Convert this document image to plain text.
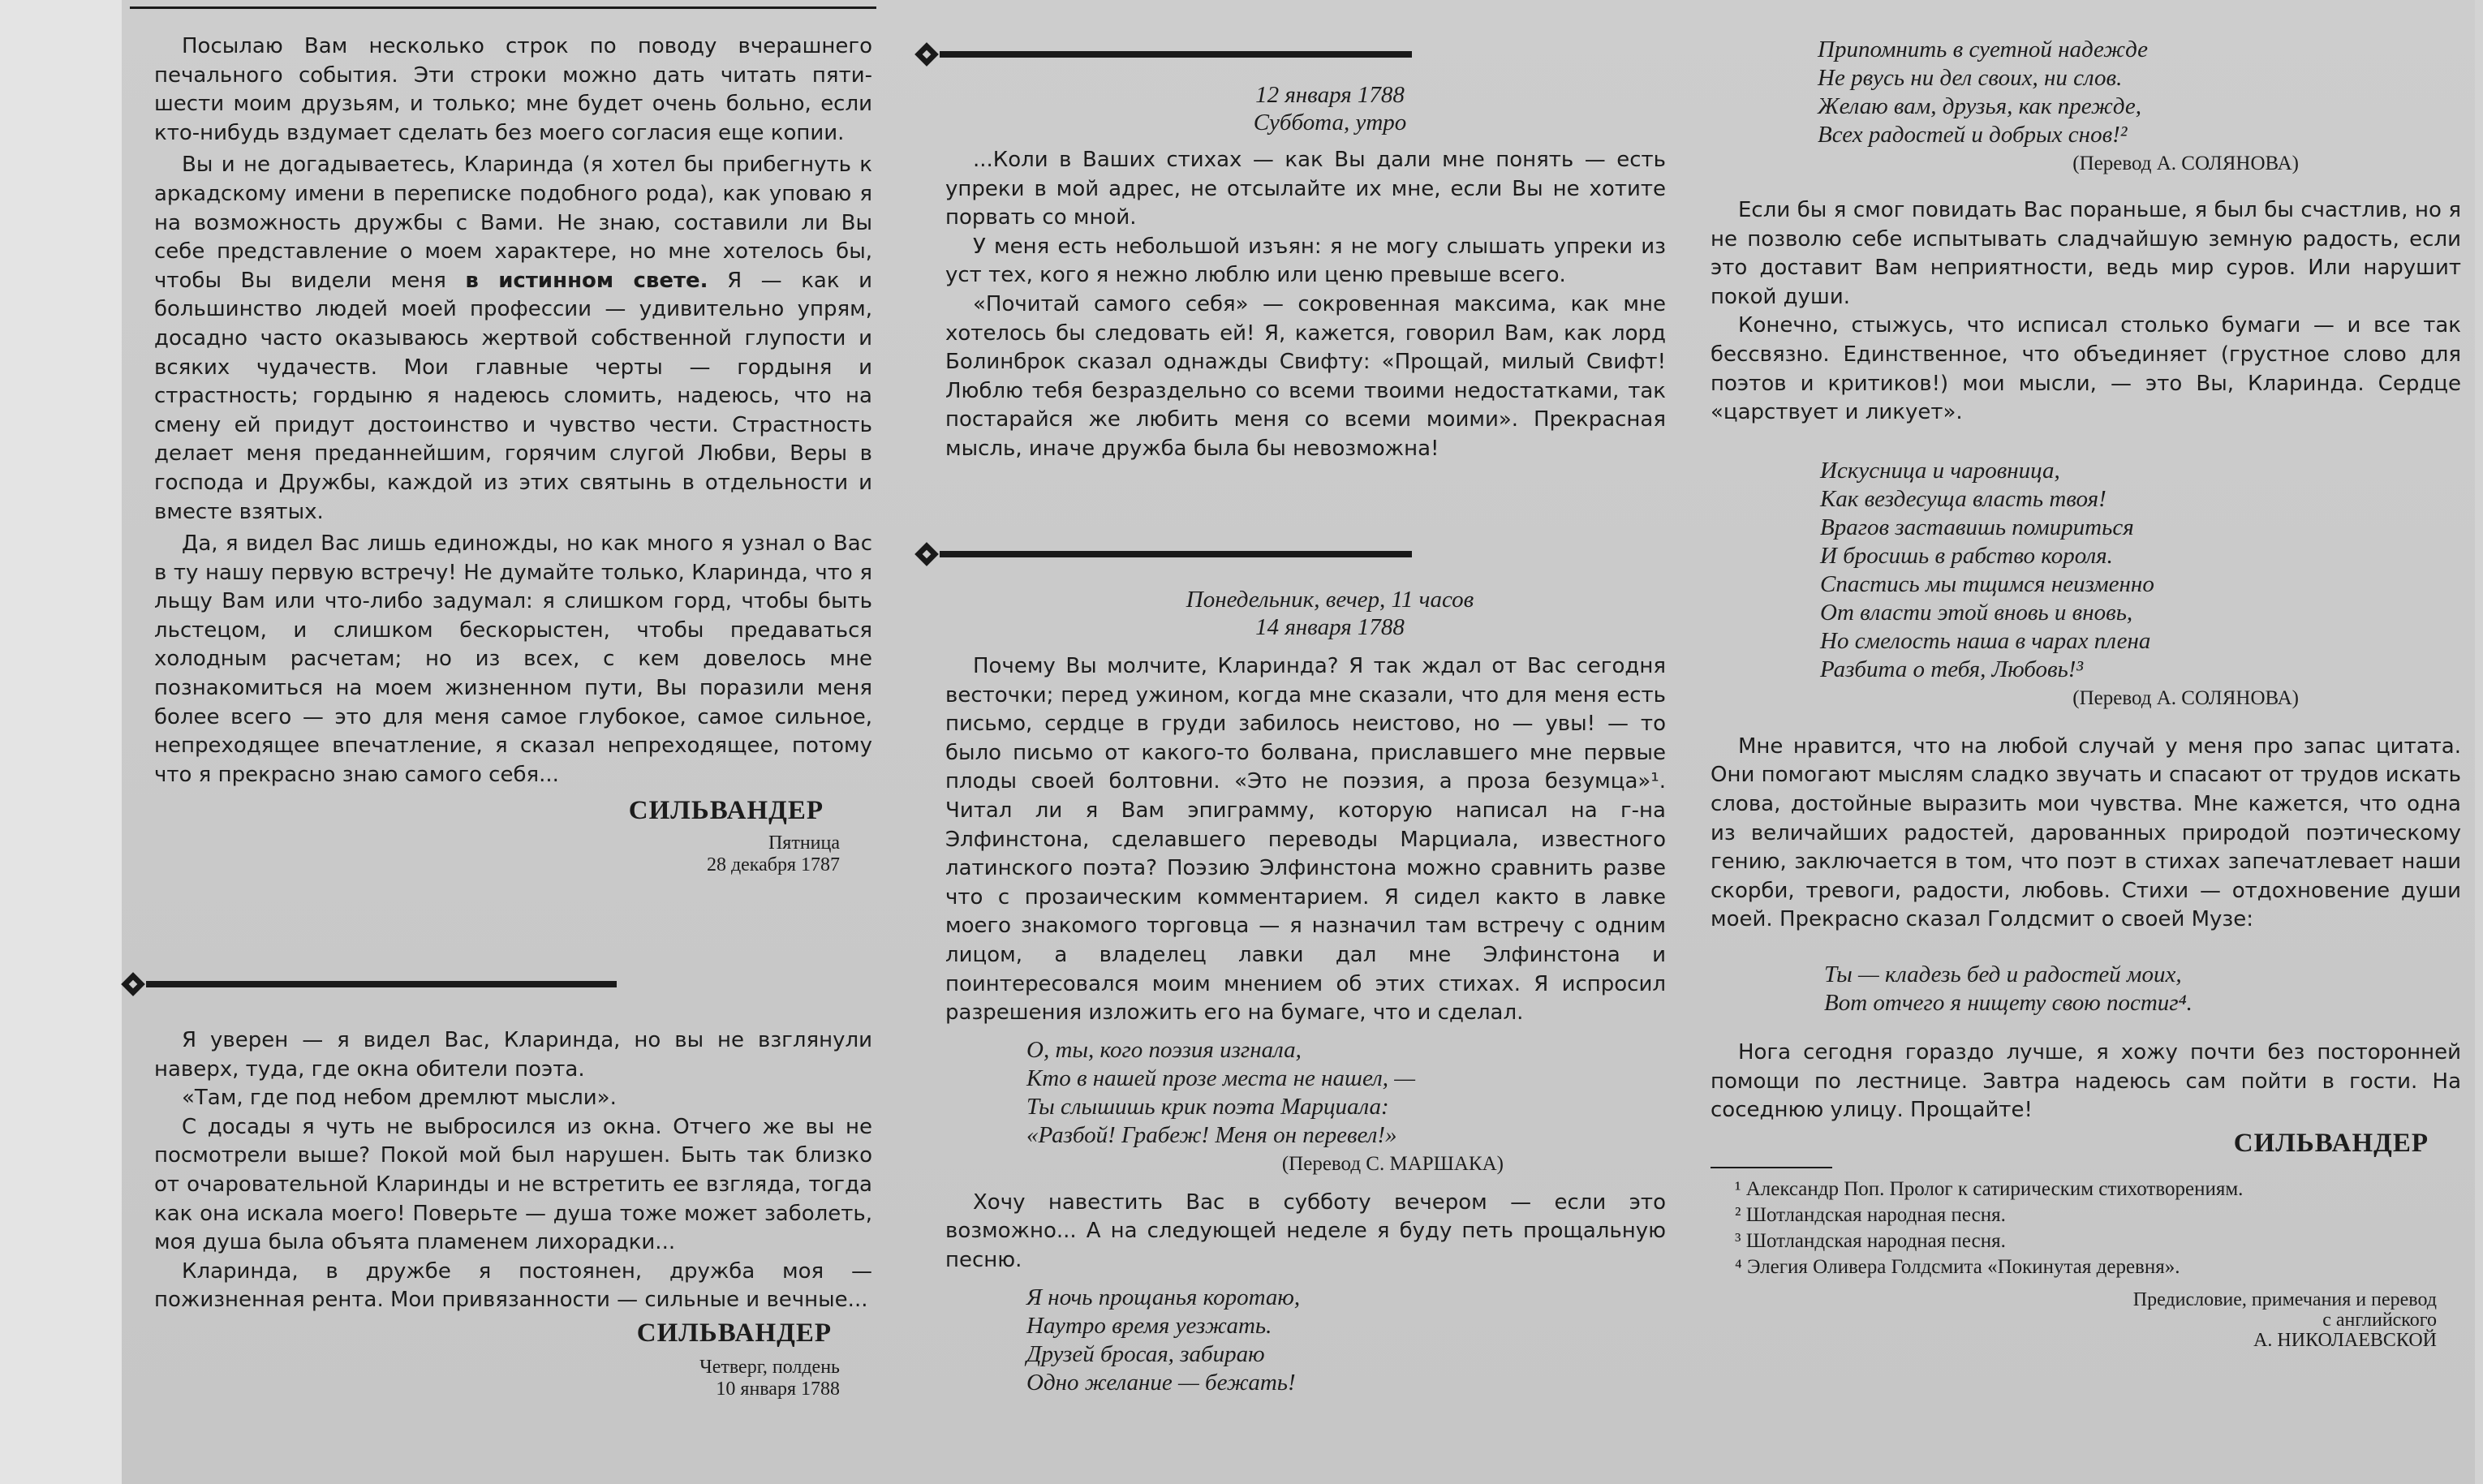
Посылаю Вам несколько строк по поводу вчерашнего печального события. Эти строки можно дать читать пяти-шести моим друзьям, и только; мне будет очень больно, если кто-нибудь вздумает сделать без моего согласия еще копии.

Вы и не догадываетесь, Кларинда (я хотел бы прибегнуть к аркадскому имени в переписке подобного рода), как уповаю я на возможность дружбы с Вами. Не знаю, составили ли Вы себе представление о моем характере, но мне хотелось бы, чтобы Вы видели меня в истинном свете. Я — как и большинство людей моей профессии — удивительно упрям, досадно часто оказываюсь жертвой собственной глупости и всяких чудачеств. Мои главные черты — гордыня и страстность; гордыню я надеюсь сломить, надеюсь, что на смену ей придут достоинство и чувство чести. Страстность делает меня преданнейшим, горячим слугой Любви, Веры в господа и Дружбы, каждой из этих святынь в отдельности и вместе взятых.

Да, я видел Вас лишь единожды, но как много я узнал о Вас в ту нашу первую встречу! Не думайте только, Кларинда, что я льщу Вам или что-либо задумал: я слишком горд, чтобы быть льстецом, и слишком бескорыстен, чтобы предаваться холодным расчетам; но из всех, с кем довелось мне познакомиться на моем жизненном пути, Вы поразили меня более всего — это для меня самое глубокое, самое сильное, непреходящее впечатление, я сказал непреходящее, потому что я прекрасно знаю самого себя...

СИЛЬВАНДЕР
Пятница
28 декабря 1787

Я уверен — я видел Вас, Кларинда, но вы не взглянули наверх, туда, где окна обители поэта.

«Там, где под небом дремлют мысли».

С досады я чуть не выбросился из окна. Отчего же вы не посмотрели выше? Покой мой был нарушен. Быть так близко от очаровательной Кларинды и не встретить ее взгляда, тогда как она искала моего! Поверьте — душа тоже может заболеть, моя душа была объята пламенем лихорадки...

Кларинда, в дружбе я постоянен, дружба моя — пожизненная рента. Мои привязанности — сильные и вечные...

СИЛЬВАНДЕР
Четверг, полдень
10 января 1788
12 января 1788
Суббота, утро

...Коли в Ваших стихах — как Вы дали мне понять — есть упреки в мой адрес, не отсылайте их мне, если Вы не хотите порвать со мной.

У меня есть небольшой изъян: я не могу слышать упреки из уст тех, кого я нежно люблю или ценю превыше всего.

«Почитай самого себя» — сокровенная максима, как мне хотелось бы следовать ей! Я, кажется, говорил Вам, как лорд Болинброк сказал однажды Свифту: «Прощай, милый Свифт! Люблю тебя безраздельно со всеми твоими недостатками, так постарайся же любить меня со всеми моими». Прекрасная мысль, иначе дружба была бы невозможна!

Понедельник, вечер, 11 часов
14 января 1788

Почему Вы молчите, Кларинда? Я так ждал от Вас сегодня весточки; перед ужином, когда мне сказали, что для меня есть письмо, сердце в груди забилось неистово, но — увы! — то было письмо от какого-то болвана, приславшего мне первые плоды своей болтовни. «Это не поэзия, а проза безумца»¹. Читал ли я Вам эпиграмму, которую написал на г-на Элфинстона, сделавшего переводы Марциала, известного латинского поэта? Поэзию Элфинстона можно сравнить разве что с прозаическим комментарием. Я сидел както в лавке моего знакомого торговца — я назначил там встречу с одним лицом, а владелец лавки дал мне Элфинстона и поинтересовался моим мнением об этих стихах. Я испросил разрешения изложить его на бумаге, что и сделал.

О, ты, кого поэзия изгнала,
Кто в нашей прозе места не нашел, —
Ты слышишь крик поэта Марциала:
«Разбой! Грабеж! Меня он перевел!»
(Перевод С. МАРШАКА)

Хочу навестить Вас в субботу вечером — если это возможно... А на следующей неделе я буду петь прощальную песню.

Я ночь прощанья коротаю,
Наутро время уезжать.
Друзей бросая, забираю
Одно желание — бежать!
Припомнить в суетной надежде
Не рвусь ни дел своих, ни слов.
Желаю вам, друзья, как прежде,
Всех радостей и добрых снов!²
(Перевод А. СОЛЯНОВА)

Если бы я смог повидать Вас пораньше, я был бы счастлив, но я не позволю себе испытывать сладчайшую земную радость, если это доставит Вам неприятности, ведь мир суров. Или нарушит покой души.

Конечно, стыжусь, что исписал столько бумаги — и все так бессвязно. Единственное, что объединяет (грустное слово для поэтов и критиков!) мои мысли, — это Вы, Кларинда. Сердце «царствует и ликует».

Искусница и чаровница,
Как вездесуща власть твоя!
Врагов заставишь помириться
И бросишь в рабство короля.
Спастись мы тщимся неизменно
От власти этой вновь и вновь,
Но смелость наша в чарах плена
Разбита о тебя, Любовь!³
(Перевод А. СОЛЯНОВА)

Мне нравится, что на любой случай у меня про запас цитата. Они помогают мыслям сладко звучать и спасают от трудов искать слова, достойные выразить мои чувства. Мне кажется, что одна из величайших радостей, дарованных природой поэтическому гению, заключается в том, что поэт в стихах запечатлевает наши скорби, тревоги, радости, любовь. Стихи — отдохновение души моей. Прекрасно сказал Голдсмит о своей Музе:

Ты — кладезь бед и радостей моих,
Вот отчего я нищету свою постиг⁴.

Нога сегодня гораздо лучше, я хожу почти без посторонней помощи по лестнице. Завтра надеюсь сам пойти в гости. На соседнюю улицу. Прощайте!

СИЛЬВАНДЕР
¹ Александр Поп. Пролог к сатирическим стихотворениям.
² Шотландская народная песня.
³ Шотландская народная песня.
⁴ Элегия Оливера Голдсмита «Покинутая деревня».
Предисловие, примечания и перевод
с английского
А. НИКОЛАЕВСКОЙ
